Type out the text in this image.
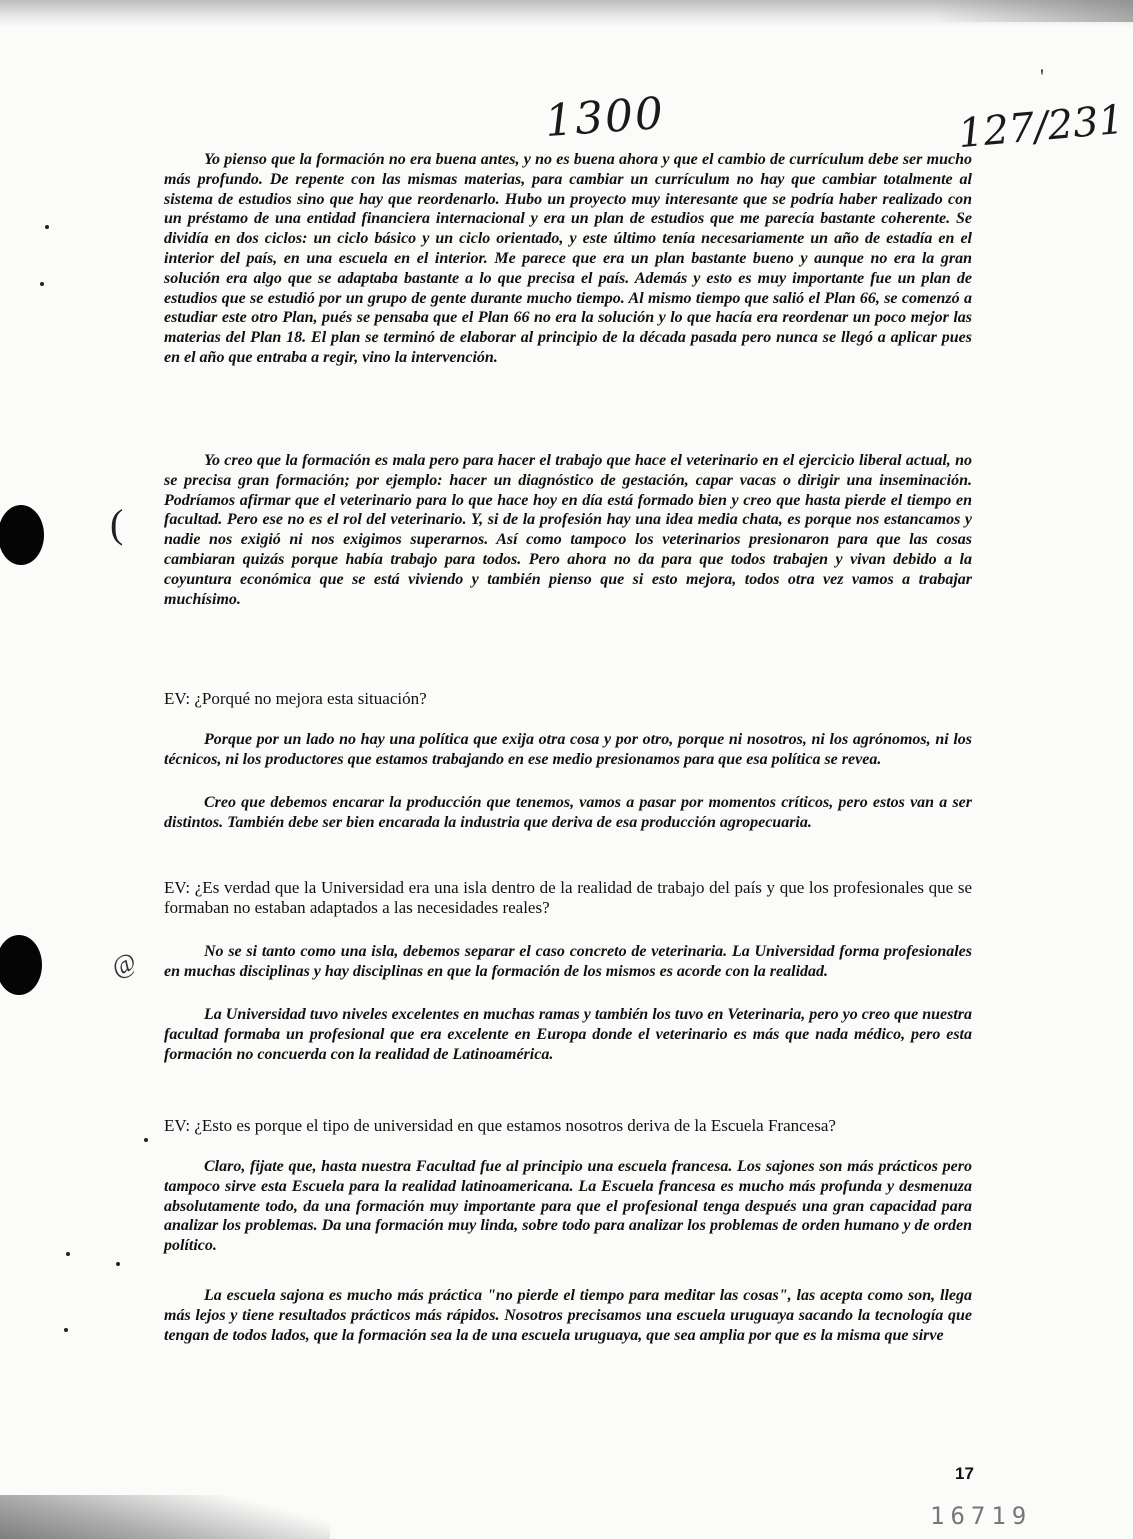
(
@
'
1300	127/231

Yo pienso que la formación no era buena antes, y no es buena ahora y que el cambio de currículum debe ser mucho más profundo. De repente con las mismas materias, para cambiar un currículum no hay que cambiar totalmente al sistema de estudios sino que hay que reordenarlo. Hubo un proyecto muy interesante que se podría haber realizado con un préstamo de una entidad financiera internacional y era un plan de estudios que me parecía bastante coherente. Se dividía en dos ciclos: un ciclo básico y un ciclo orientado, y este último tenía necesariamente un año de estadía en el interior del país, en una escuela en el interior. Me parece que era un plan bastante bueno y aunque no era la gran solución era algo que se adaptaba bastante a lo que precisa el país. Además y esto es muy importante fue un plan de estudios que se estudió por un grupo de gente durante mucho tiempo. Al mismo tiempo que salió el Plan 66, se comenzó a estudiar este otro Plan, pués se pensaba que el Plan 66 no era la solución y lo que hacía era reordenar un poco mejor las materias del Plan 18. El plan se terminó de elaborar al principio de la década pasada pero nunca se llegó a aplicar pues en el año que entraba a regir, vino la intervención.

Yo creo que la formación es mala pero para hacer el trabajo que hace el veterinario en el ejercicio liberal actual, no se precisa gran formación; por ejemplo: hacer un diagnóstico de gestación, capar vacas o dirigir una inseminación. Podríamos afirmar que el veterinario para lo que hace hoy en día está formado bien y creo que hasta pierde el tiempo en facultad. Pero ese no es el rol del veterinario. Y, si de la profesión hay una idea media chata, es porque nos estancamos y nadie nos exigió ni nos exigimos superarnos. Así como tampoco los veterinarios presionaron para que las cosas cambiaran quizás porque había trabajo para todos. Pero ahora no da para que todos trabajen y vivan debido a la coyuntura económica que se está viviendo y también pienso que si esto mejora, todos otra vez vamos a trabajar muchísimo.

EV: ¿Porqué no mejora esta situación?

Porque por un lado no hay una política que exija otra cosa y por otro, porque ni nosotros, ni los agrónomos, ni los técnicos, ni los productores que estamos trabajando en ese medio presionamos para que esa política se revea.

Creo que debemos encarar la producción que tenemos, vamos a pasar por momentos críticos, pero estos van a ser distintos. También debe ser bien encarada la industria que deriva de esa producción agropecuaria.

EV: ¿Es verdad que la Universidad era una isla dentro de la realidad de trabajo del país y que los profesionales que se formaban no estaban adaptados a las necesidades reales?

No se si tanto como una isla, debemos separar el caso concreto de veterinaria. La Universidad forma profesionales en muchas disciplinas y hay disciplinas en que la formación de los mismos es acorde con la realidad.

La Universidad tuvo niveles excelentes en muchas ramas y también los tuvo en Veterinaria, pero yo creo que nuestra facultad formaba un profesional que era excelente en Europa donde el veterinario es más que nada médico, pero esta formación no concuerda con la realidad de Latinoamérica.

EV: ¿Esto es porque el tipo de universidad en que estamos nosotros deriva de la Escuela Francesa?

Claro, fijate que, hasta nuestra Facultad fue al principio una escuela francesa. Los sajones son más prácticos pero tampoco sirve esta Escuela para la realidad latinoamericana. La Escuela francesa es mucho más profunda y desmenuza absolutamente todo, da una formación muy importante para que el profesional tenga después una gran capacidad para analizar los problemas. Da una formación muy linda, sobre todo para analizar los problemas de orden humano y de orden político.

La escuela sajona es mucho más práctica "no pierde el tiempo para meditar las cosas", las acepta como son, llega más lejos y tiene resultados prácticos más rápidos. Nosotros precisamos una escuela uruguaya sacando la tecnología que tengan de todos lados, que la formación sea la de una escuela uruguaya, que sea amplia por que es la misma que sirve

17
16719
